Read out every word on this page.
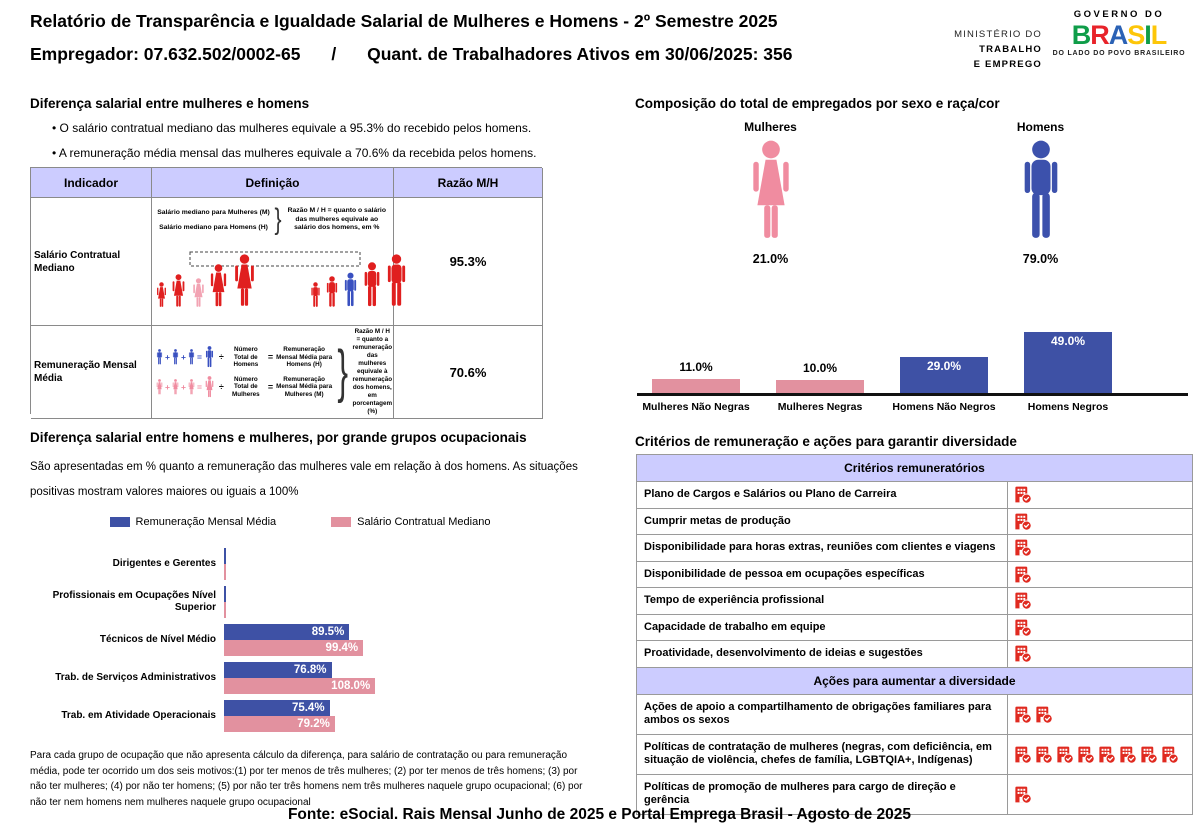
Relatório de Transparência e Igualdade Salarial de Mulheres e Homens - 2º Semestre 2025
Empregador: 07.632.502/0002-65 / Quant. de Trabalhadores Ativos em 30/06/2025: 356
MINISTÉRIO DO
TRABALHO
E EMPREGO
GOVERNO DO
BRASIL
DO LADO DO POVO BRASILEIRO
Diferença salarial entre mulheres e homens
• O salário contratual mediano das mulheres equivale a 95.3% do recebido pelos homens.
• A remuneração média mensal das mulheres equivale a 70.6% da recebida pelos homens.
Indicador	Definição	Razão M/H
Salário Contratual Mediano
Salário mediano para Mulheres (M)
Salário mediano para Homens (H) } Razão M / H = quanto o salário das mulheres equivale ao salário dos homens, em %
95.3%
Remuneração Mensal Média
+ + = ÷
Número Total de Homens
=
Remuneração Mensal Média para Homens (H)
+ + = ÷
Número Total de Mulheres
=
Remuneração Mensal Média para Mulheres (M) }
Razão M / H = quanto a remuneração das mulheres equivale à remuneração dos homens, em porcentagem (%)
70.6%
Diferença salarial entre homens e mulheres, por grande grupos ocupacionais
São apresentadas em % quanto a remuneração das mulheres vale em relação à dos homens. As situações positivas mostram valores maiores ou iguais a 100%
Remuneração Mensal Média	Salário Contratual Mediano
Dirigentes e Gerentes
Profissionais em Ocupações Nível Superior
Técnicos de Nível Médio
89.5%
99.4%
Trab. de Serviços Administrativos
76.8%
108.0%
Trab. em Atividade Operacionais
75.4%
79.2%
Para cada grupo de ocupação que não apresenta cálculo da diferença, para salário de contratação ou para remuneração média, pode ter ocorrido um dos seis motivos:(1) por ter menos de três mulheres; (2) por ter menos de três homens; (3) por não ter mulheres; (4) por não ter homens; (5) por não ter três homens nem três mulheres naquele grupo ocupacional; (6) por não ter nem homens nem mulheres naquele grupo ocupacional
Composição do total de empregados por sexo e raça/cor
Mulheres
21.0%
Homens
79.0%
11.0%
Mulheres Não Negras
10.0%
Mulheres Negras
29.0%
Homens Não Negros
49.0%
Homens Negros
Critérios de remuneração e ações para garantir diversidade
Critérios remuneratórios
Plano de Cargos e Salários ou Plano de Carreira
Cumprir metas de produção
Disponibilidade para horas extras, reuniões com clientes e viagens
Disponibilidade de pessoa em ocupações específicas
Tempo de experiência profissional
Capacidade de trabalho em equipe
Proatividade, desenvolvimento de ideias e sugestões
Ações para aumentar a diversidade
Ações de apoio a compartilhamento de obrigações familiares para ambos os sexos
Políticas de contratação de mulheres (negras, com deficiência, em situação de violência, chefes de família, LGBTQIA+, Indígenas)
Políticas de promoção de mulheres para cargo de direção e gerência
Fonte: eSocial. Rais Mensal Junho de 2025 e Portal Emprega Brasil - Agosto de 2025
